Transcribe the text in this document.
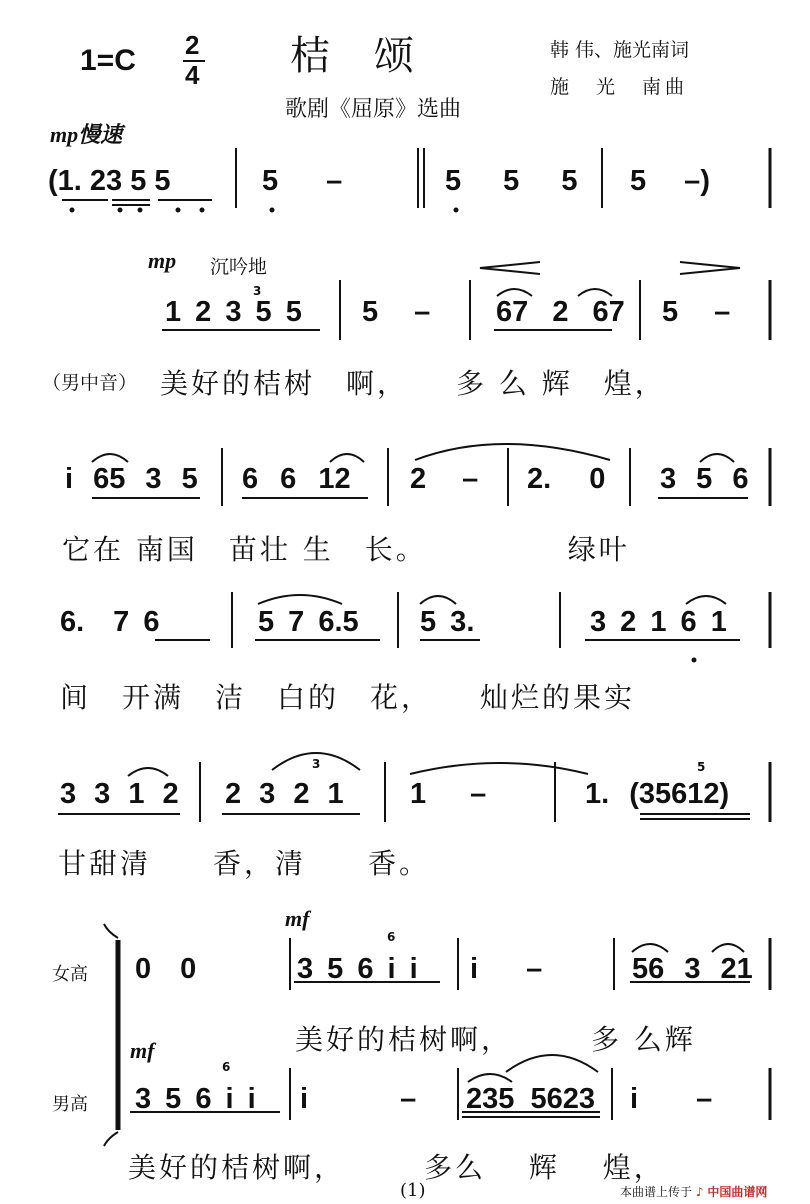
1=C 2
4 桔　颂
歌剧《屈原》选曲
韩 伟、施光南词
施　光　南曲
mp慢速
(1. 23 5 5	5 –	5 5 5 5 –)
mp 沉吟地
1 2 3 5 5 5 – 67 2 67 5 –
（男中音） 美好的桔树　啊，　　多 么 辉　煌，
i 65 3 5 6 6 12 2 – 2. 0 3 5 6
它在 南国　苗壮 生　长。　　　　　绿叶
6.　7 6	5 7 6.5 5 3.	3 2 1 6 1
间　开满　洁　白的　花，　　灿烂的果实
3 3 1 2 2 3 2 1 1 –	1. (35612)
甘甜清　　香，清　　香。
mf
女高 0　0	3 5 6 i i i –	56 3 21
美好的桔树啊，　　　多 么辉
mf
男高 3 5 6 i i i – 235 5623 i –
美好的桔树啊，　　　多么　 辉　 煌，
(1)	本曲谱上传于 ♪ 中国曲谱网
3
6
6
5
3
